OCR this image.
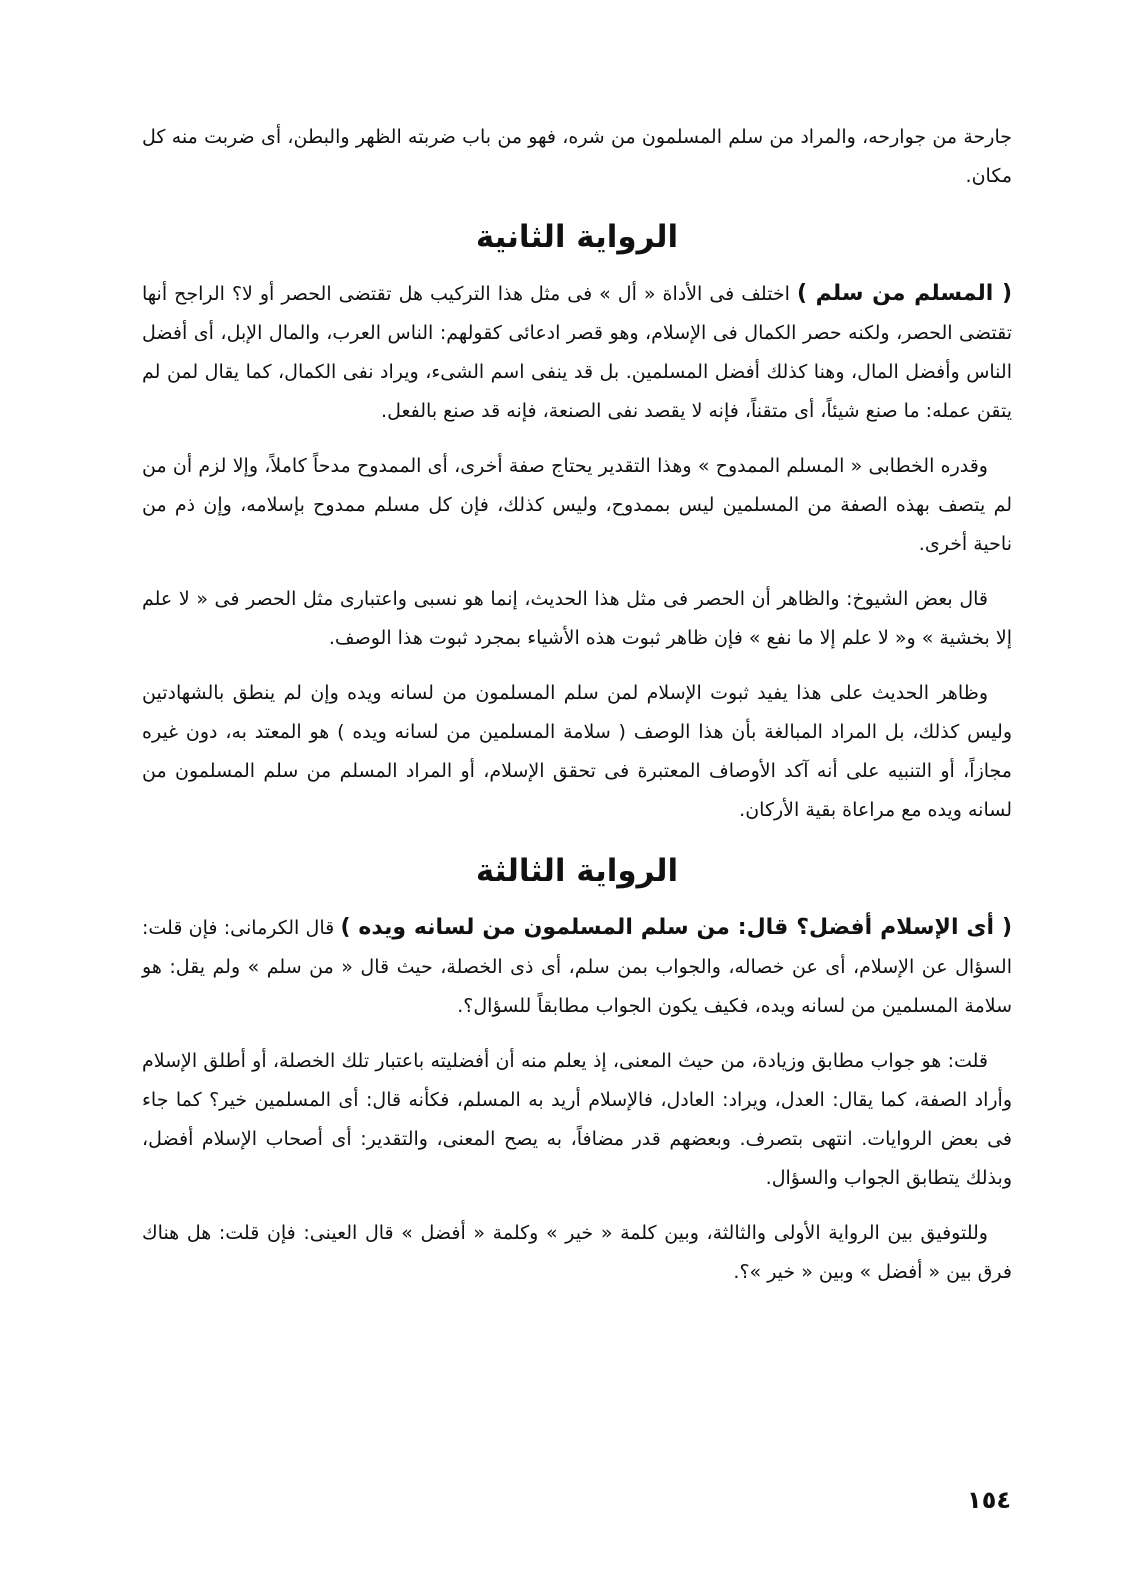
جارحة من جوارحه، والمراد من سلم المسلمون من شره، فهو من باب ضربته الظهر والبطن، أى ضربت منه كل مكان.

الرواية الثانية

( المسلم من سلم ) اختلف فى الأداة « أل » فى مثل هذا التركيب هل تقتضى الحصر أو لا؟ الراجح أنها تقتضى الحصر، ولكنه حصر الكمال فى الإسلام، وهو قصر ادعائى كقولهم: الناس العرب، والمال الإبل، أى أفضل الناس وأفضل المال، وهنا كذلك أفضل المسلمين. بل قد ينفى اسم الشىء، ويراد نفى الكمال، كما يقال لمن لم يتقن عمله: ما صنع شيئاً، أى متقناً، فإنه لا يقصد نفى الصنعة، فإنه قد صنع بالفعل.

وقدره الخطابى « المسلم الممدوح » وهذا التقدير يحتاج صفة أخرى، أى الممدوح مدحاً كاملاً، وإلا لزم أن من لم يتصف بهذه الصفة من المسلمين ليس بممدوح، وليس كذلك، فإن كل مسلم ممدوح بإسلامه، وإن ذم من ناحية أخرى.

قال بعض الشيوخ: والظاهر أن الحصر فى مثل هذا الحديث، إنما هو نسبى واعتبارى مثل الحصر فى « لا علم إلا بخشية » و« لا علم إلا ما نفع » فإن ظاهر ثبوت هذه الأشياء بمجرد ثبوت هذا الوصف.

وظاهر الحديث على هذا يفيد ثبوت الإسلام لمن سلم المسلمون من لسانه ويده وإن لم ينطق بالشهادتين وليس كذلك، بل المراد المبالغة بأن هذا الوصف ( سلامة المسلمين من لسانه ويده ) هو المعتد به، دون غيره مجازاً، أو التنبيه على أنه آكد الأوصاف المعتبرة فى تحقق الإسلام، أو المراد المسلم من سلم المسلمون من لسانه ويده مع مراعاة بقية الأركان.

الرواية الثالثة

( أى الإسلام أفضل؟ قال: من سلم المسلمون من لسانه ويده ) قال الكرمانى: فإن قلت: السؤال عن الإسلام، أى عن خصاله، والجواب بمن سلم، أى ذى الخصلة، حيث قال « من سلم » ولم يقل: هو سلامة المسلمين من لسانه ويده، فكيف يكون الجواب مطابقاً للسؤال؟.

قلت: هو جواب مطابق وزيادة، من حيث المعنى، إذ يعلم منه أن أفضليته باعتبار تلك الخصلة، أو أطلق الإسلام وأراد الصفة، كما يقال: العدل، ويراد: العادل، فالإسلام أريد به المسلم، فكأنه قال: أى المسلمين خير؟ كما جاء فى بعض الروايات. انتهى بتصرف. وبعضهم قدر مضافاً، به يصح المعنى، والتقدير: أى أصحاب الإسلام أفضل، وبذلك يتطابق الجواب والسؤال.

وللتوفيق بين الرواية الأولى والثالثة، وبين كلمة « خير » وكلمة « أفضل » قال العينى: فإن قلت: هل هناك فرق بين « أفضل » وبين « خير »؟.

١٥٤
